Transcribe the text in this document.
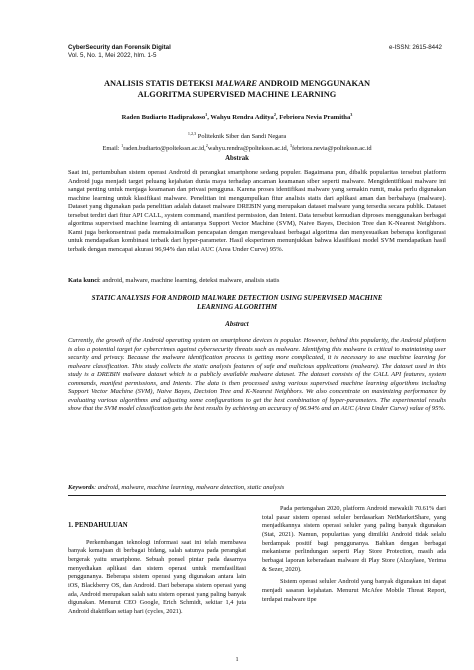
CyberSecurity dan Forensik Digital
Vol. 5, No. 1, Mei 2022, hlm. 1-5
e-ISSN: 2615-8442
ANALISIS STATIS DETEKSI MALWARE ANDROID MENGGUNAKAN
ALGORITMA SUPERVISED MACHINE LEARNING
Raden Budiarto Hadiprakoso$^1$, Wahyu Rendra Aditya$^2$, Febriora Nevia Pramitha$^3$
$^{1,2,3}$ Politeknik Siber dan Sandi Negara
Email: $^1$raden.budiarto@poltekssn.ac.id,$^2$wahyu.rendra@poltekssn.ac.id, $^3$febriora.nevia@poltekssn.ac.id
Abstrak
Saat ini, pertumbuhan sistem operasi Android di perangkat smartphone sedang populer. Bagaimana pun, dibalik popularitas tersebut platform Android juga menjadi target peluang kejahatan dunia maya terhadap ancaman keamanan siber seperti malware. Mengidentifikasi malware ini sangat penting untuk menjaga keamanan dan privasi pengguna. Karena proses identifikasi malware yang semakin rumit, maka perlu digunakan machine learning untuk klasifikasi malware. Penelitian ini mengumpulkan fitur analisis statis dari aplikasi aman dan berbahaya (malware). Dataset yang digunakan pada penelitian adalah dataset malware DREBIN yang merupakan dataset malware yang tersedia secara publik. Dataset tersebut terdiri dari fitur API CALL, system command, manifest permission, dan Intent. Data tersebut kemudian diproses menggunakan berbagai algoritma supervised machine learning di antaranya Support Vector Machine (SVM), Naive Bayes, Decision Tree dan K-Nearest Neighbors. Kami juga berkonsentrasi pada memaksimalkan pencapaian dengan mengevaluasi berbagai algoritma dan menyesuaikan beberapa konfigurasi untuk mendapatkan kombinasi terbaik dari hyper-parameter. Hasil eksperimen menunjukkan bahwa klasifikasi model SVM mendapatkan hasil terbaik dengan mencapai akurasi 96,94% dan nilai AUC (Area Under Curve) 95%.
Kata kunci: android, malware, machine learning, deteksi malware, analisis statis
STATIC ANALYSIS FOR ANDROID MALWARE DETECTION USING SUPERVISED MACHINE
LEARNING ALGORITHM
Abstract
Currently, the growth of the Android operating system on smartphone devices is popular. However, behind this popularity, the Android platform is also a potential target for cybercrimes against cybersecurity threats such as malware. Identifying this malware is critical to maintaining user security and privacy. Because the malware identification process is getting more complicated, it is necessary to use machine learning for malware classification. This study collects the static analysis features of safe and malicious applications (malware). The dataset used in this study is a DREBIN malware dataset which is a publicly available malware dataset. The dataset consists of the CALL API features, system commands, manifest permissions, and Intents. The data is then processed using various supervised machine learning algorithms including Support Vector Machine (SVM), Naive Bayes, Decision Tree and K-Nearest Neighbors. We also concentrate on maximizing performance by evaluating various algorithms and adjusting some configurations to get the best combination of hyper-parameters. The experimental results show that the SVM model classification gets the best results by achieving an accuracy of 96.94% and an AUC (Area Under Curve) value of 95%.
Keywords: android, malware, machine learning, malware detection, static analysis
1. PENDAHULUAN

Perkembangan teknologi informasi saat ini telah membawa banyak kemajuan di berbagai bidang, salah satunya pada perangkat bergerak yaitu smartphone. Sebuah ponsel pintar pada dasarnya menyediakan aplikasi dan sistem operasi untuk memfasilitasi penggunanya. Beberapa sistem operasi yang digunakan antara lain iOS, Blackberry OS, dan Android. Dari beberapa sistem operasi yang ada, Android merupakan salah satu sistem operasi yang paling banyak digunakan. Menurut CEO Google, Erich Schmidt, sekitar 1,4 juta Android diaktifkan setiap hari (cycles, 2021).

Pada pertengahan 2020, platform Android mewakili 70.61% dari total pasar sistem operasi seluler berdasarkan NetMarketShare, yang menjadikannya sistem operasi seluler yang paling banyak digunakan (Stat, 2021). Namun, popularitas yang dimiliki Android tidak selalu berdampak positif bagi penggunanya. Bahkan dengan berbagai mekanisme perlindungan seperti Play Store Protection, masih ada berbagai laporan keberadaan malware di Play Store (Alzaylaee, Yerima & Sezer, 2020).

Sistem operasi seluler Android yang banyak digunakan ini dapat menjadi sasaran kejahatan. Menurut McAfee Mobile Threat Report, terdapat malware tipe

1
